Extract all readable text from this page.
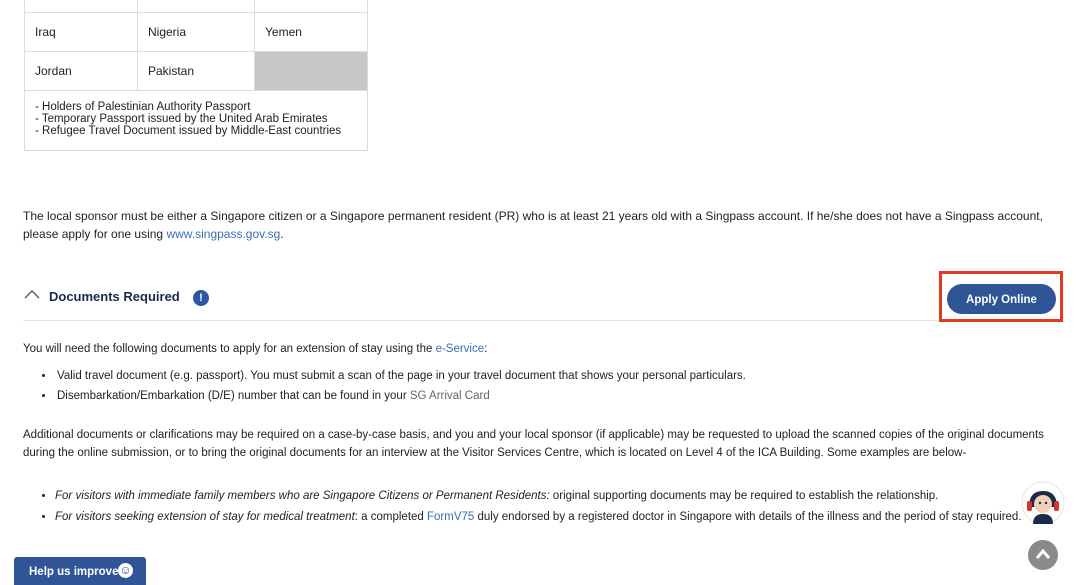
Iraq	Nigeria	Yemen
Jordan	Pakistan	

- Holders of Palestinian Authority Passport
- Temporary Passport issued by the United Arab Emirates
- Refugee Travel Document issued by Middle-East countries		

The local sponsor must be either a Singapore citizen or a Singapore permanent resident (PR) who is at least 21 years old with a Singpass account. If he/she does not have a Singpass account, please apply for one using www.singpass.gov.sg.

Documents Required	!	Apply Online

You will need the following documents to apply for an extension of stay using the e-Service:

• Valid travel document (e.g. passport). You must submit a scan of the page in your travel document that shows your personal particulars.
• Disembarkation/Embarkation (D/E) number that can be found in your SG Arrival Card

Additional documents or clarifications may be required on a case-by-case basis, and you and your local sponsor (if applicable) may be requested to upload the scanned copies of the original documents during the online submission, or to bring the original documents for an interview at the Visitor Services Centre, which is located on Level 4 of the ICA Building. Some examples are below-

• For visitors with immediate family members who are Singapore Citizens or Permanent Residents: original supporting documents may be required to establish the relationship.
• For visitors seeking extension of stay for medical treatment: a completed FormV75 duly endorsed by a registered doctor in Singapore with details of the illness and the period of stay required.
Help us improve ☺
